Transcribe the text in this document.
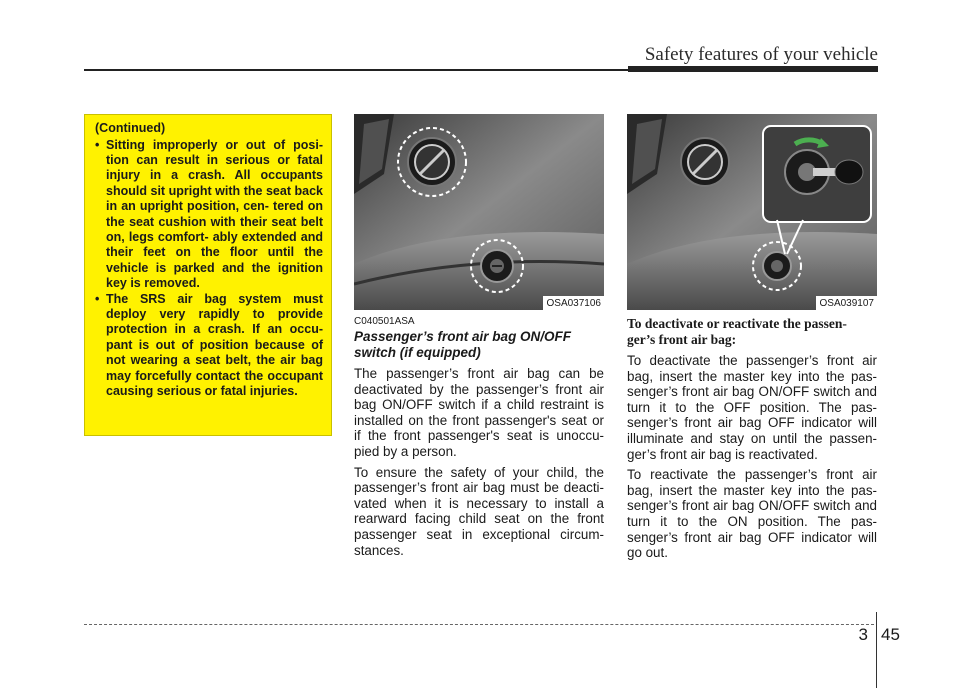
Safety features of your vehicle
(Continued)
• Sitting improperly or out of posi- tion can result in serious or fatal injury in a crash. All occupants should sit upright with the seat back in an upright position, cen- tered on the seat cushion with their seat belt on, legs comfort- ably extended and their feet on the floor until the vehicle is parked and the ignition key is removed.
• The SRS air bag system must deploy very rapidly to provide protection in a crash. If an occu- pant is out of position because of not wearing a seat belt, the air bag may forcefully contact the occupant causing serious or fatal injuries.
OSA037106	OSA039107
C040501ASA
Passenger’s front air bag ON/OFF switch (if equipped)

The passenger’s front air bag can be deactivated by the passenger’s front air bag ON/OFF switch if a child restraint is installed on the front passenger's seat or if the front passenger's seat is unoccu- pied by a person.

To ensure the safety of your child, the passenger’s front air bag must be deacti- vated when it is necessary to install a rearward facing child seat on the front passenger seat in exceptional circum- stances.

To deactivate or reactivate the passen- ger’s front air bag:

To deactivate the passenger’s front air bag, insert the master key into the pas- senger’s front air bag ON/OFF switch and turn it to the OFF position. The pas- senger’s front air bag OFF indicator will illuminate and stay on until the passen- ger’s front air bag is reactivated.

To reactivate the passenger’s front air bag, insert the master key into the pas- senger’s front air bag ON/OFF switch and turn it to the ON position. The pas- senger’s front air bag OFF indicator will go out.

3 45
